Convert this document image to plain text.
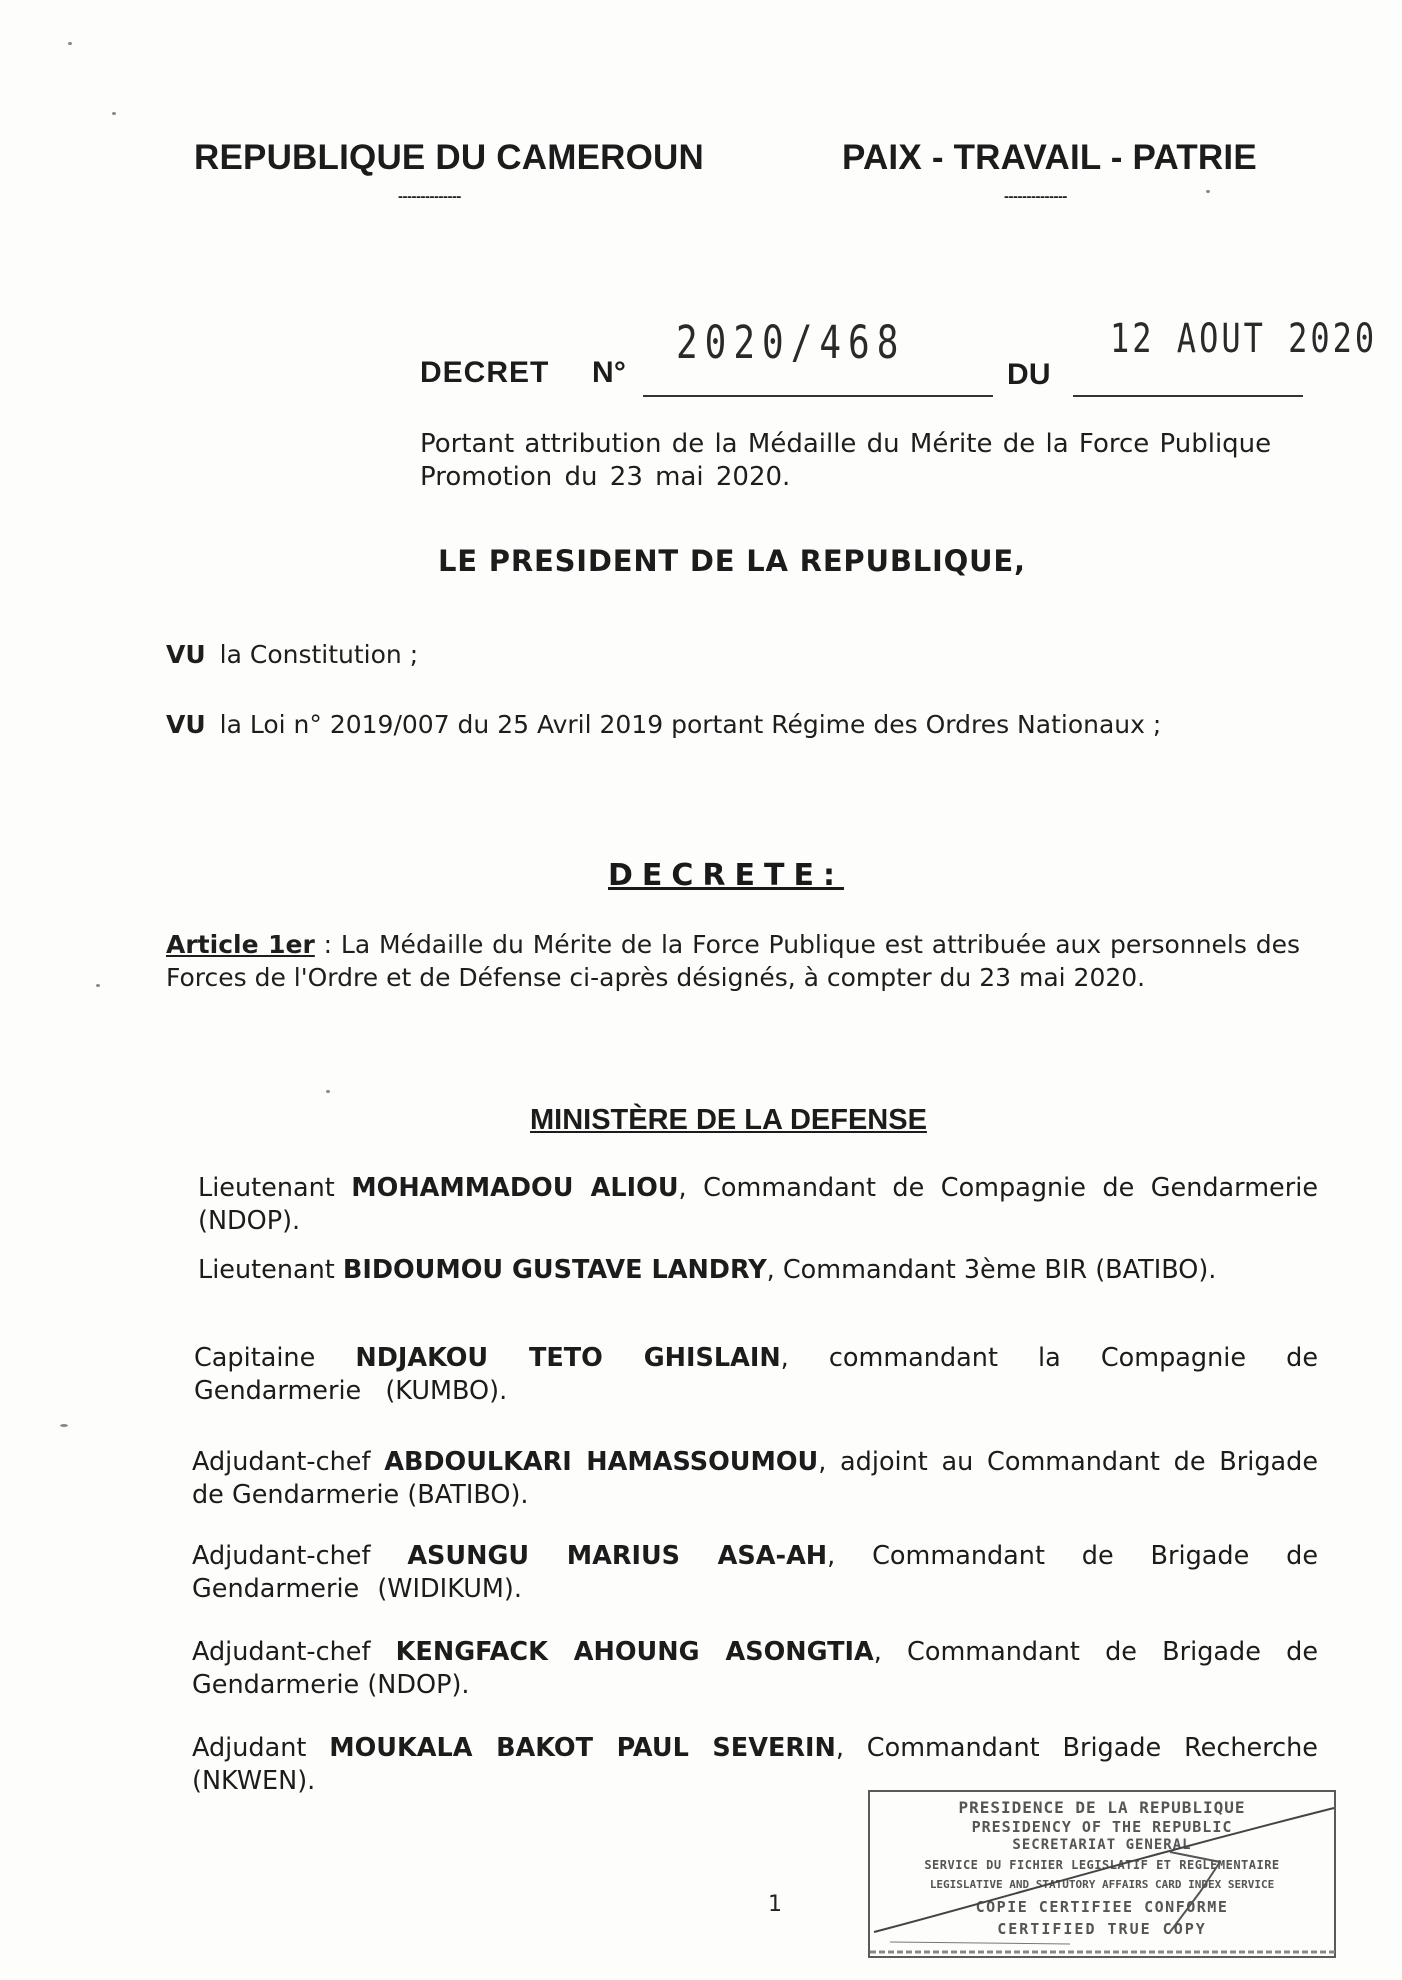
REPUBLIQUE DU CAMEROUN
--------------
PAIX - TRAVAIL - PATRIE
--------------
DECRET N°
2020/468
DU
12 AOUT 2020
Portant attribution de la Médaille du Mérite de la Force Publique
Promotion du 23 mai 2020.
LE PRESIDENT DE LA REPUBLIQUE,
VU la Constitution ;
VU la Loi n° 2019/007 du 25 Avril 2019 portant Régime des Ordres Nationaux ;
DECRETE:
Article 1er : La Médaille du Mérite de la Force Publique est attribuée aux personnels des Forces de l'Ordre et de Défense ci-après désignés, à compter du 23 mai 2020.
MINISTÈRE DE LA DEFENSE
Lieutenant MOHAMMADOU ALIOU, Commandant de Compagnie de Gendarmerie (NDOP).
Lieutenant BIDOUMOU GUSTAVE LANDRY, Commandant 3ème BIR (BATIBO).
Capitaine NDJAKOU TETO GHISLAIN, commandant la Compagnie de Gendarmerie (KUMBO).
Adjudant-chef ABDOULKARI HAMASSOUMOU, adjoint au Commandant de Brigade de Gendarmerie (BATIBO).
Adjudant-chef ASUNGU MARIUS ASA-AH, Commandant de Brigade de Gendarmerie (WIDIKUM).
Adjudant-chef KENGFACK AHOUNG ASONGTIA, Commandant de Brigade de Gendarmerie (NDOP).
Adjudant MOUKALA BAKOT PAUL SEVERIN, Commandant Brigade Recherche (NKWEN).
1
PRESIDENCE DE LA REPUBLIQUE
PRESIDENCY OF THE REPUBLIC
SECRETARIAT GENERAL
SERVICE DU FICHIER LEGISLATIF ET REGLEMENTAIRE
LEGISLATIVE AND STATUTORY AFFAIRS CARD INDEX SERVICE
COPIE CERTIFIEE CONFORME
CERTIFIED TRUE COPY
